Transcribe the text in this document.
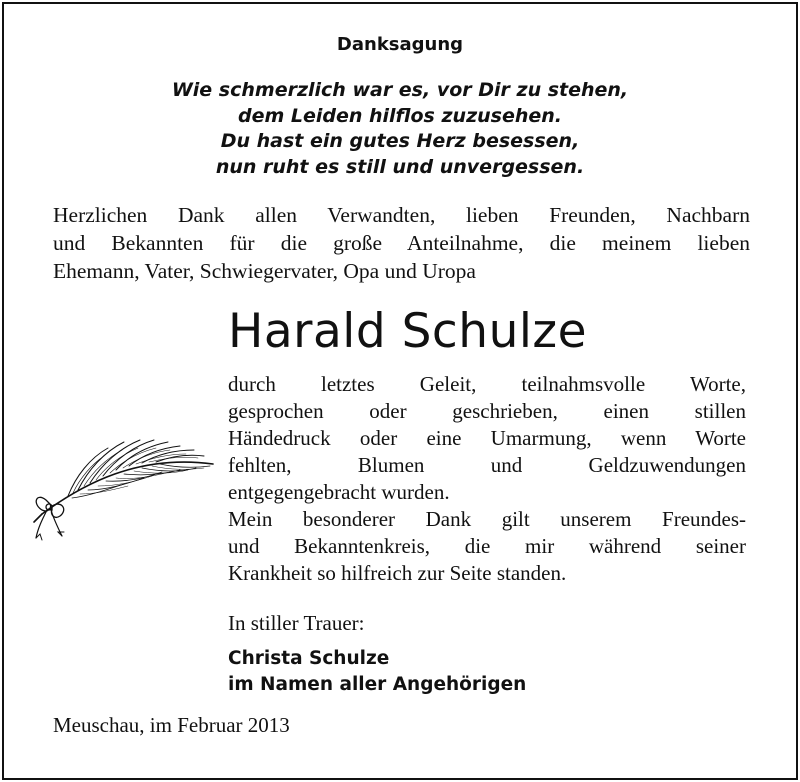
Danksagung
Wie schmerzlich war es, vor Dir zu stehen,
dem Leiden hilflos zuzusehen.
Du hast ein gutes Herz besessen,
nun ruht es still und unvergessen.
Herzlichen Dank allen Verwandten, lieben Freunden, Nachbarn
und Bekannten für die große Anteilnahme, die meinem lieben
Ehemann, Vater, Schwiegervater, Opa und Uropa
Harald Schulze
durch letztes Geleit, teilnahmsvolle Worte,
gesprochen oder geschrieben, einen stillen
Händedruck oder eine Umarmung, wenn Worte
fehlten, Blumen und Geldzuwendungen
entgegengebracht wurden.
Mein besonderer Dank gilt unserem Freundes-
und Bekanntenkreis, die mir während seiner
Krankheit so hilfreich zur Seite standen.
In stiller Trauer:
Christa Schulze
im Namen aller Angehörigen
Meuschau, im Februar 2013
